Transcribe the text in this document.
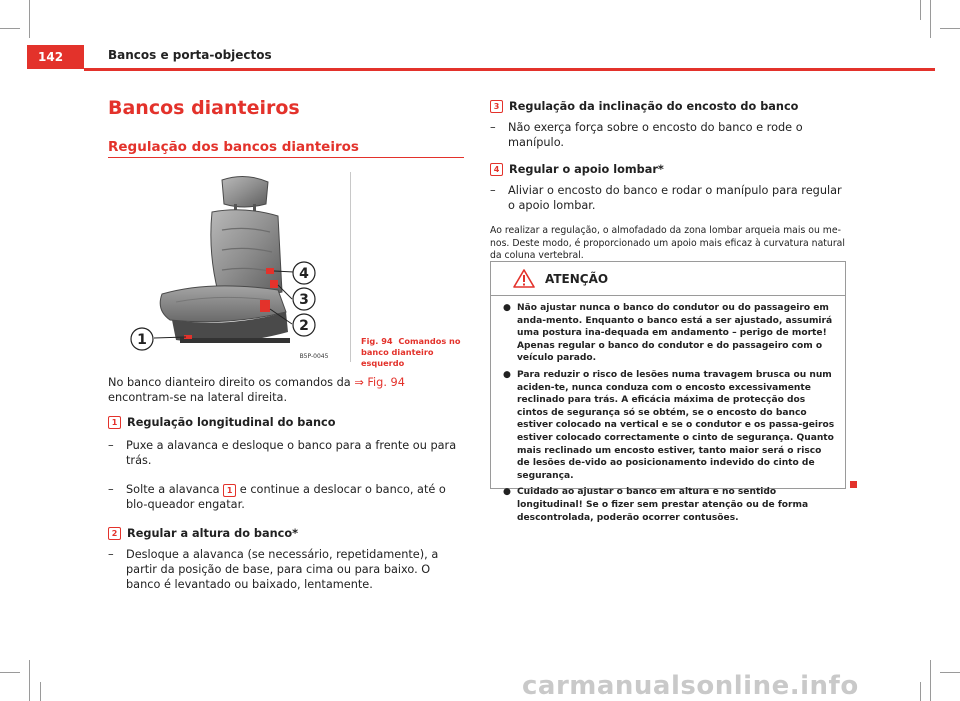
142	Bancos e porta-objectos
Bancos dianteiros
Regulação dos bancos dianteiros
1
2
3
4
B5P-0045
Fig. 94 Comandos no banco dianteiro esquerdo

No banco dianteiro direito os comandos da ⇒ Fig. 94 encontram-se na lateral direita.

1 Regulação longitudinal do banco
–	Puxe a alavanca e desloque o banco para a frente ou para trás.
–	Solte a alavanca 1 e continue a deslocar o banco, até o blo-queador engatar.
2 Regular a altura do banco*
–	Desloque a alavanca (se necessário, repetidamente), a partir da posição de base, para cima ou para baixo. O banco é levantado ou baixado, lentamente.
3 Regulação da inclinação do encosto do banco
–	Não exerça força sobre o encosto do banco e rode o manípulo.
4 Regular o apoio lombar*
–	Aliviar o encosto do banco e rodar o manípulo para regular o apoio lombar.

Ao realizar a regulação, o almofadado da zona lombar arqueia mais ou me-nos. Deste modo, é proporcionado um apoio mais eficaz à curvatura natural da coluna vertebral.

ATENÇÃO
● Não ajustar nunca o banco do condutor ou do passageiro em anda-mento. Enquanto o banco está a ser ajustado, assumirá uma postura ina-dequada em andamento – perigo de morte! Apenas regular o banco do condutor e do passageiro com o veículo parado.
● Para reduzir o risco de lesões numa travagem brusca ou num aciden-te, nunca conduza com o encosto excessivamente reclinado para trás. A eficácia máxima de protecção dos cintos de segurança só se obtém, se o encosto do banco estiver colocado na vertical e se o condutor e os passa-geiros estiver colocado correctamente o cinto de segurança. Quanto mais reclinado um encosto estiver, tanto maior será o risco de lesões de-vido ao posicionamento indevido do cinto de segurança.
● Cuidado ao ajustar o banco em altura e no sentido longitudinal! Se o fizer sem prestar atenção ou de forma descontrolada, poderão ocorrer contusões.
carmanualsonline.info
